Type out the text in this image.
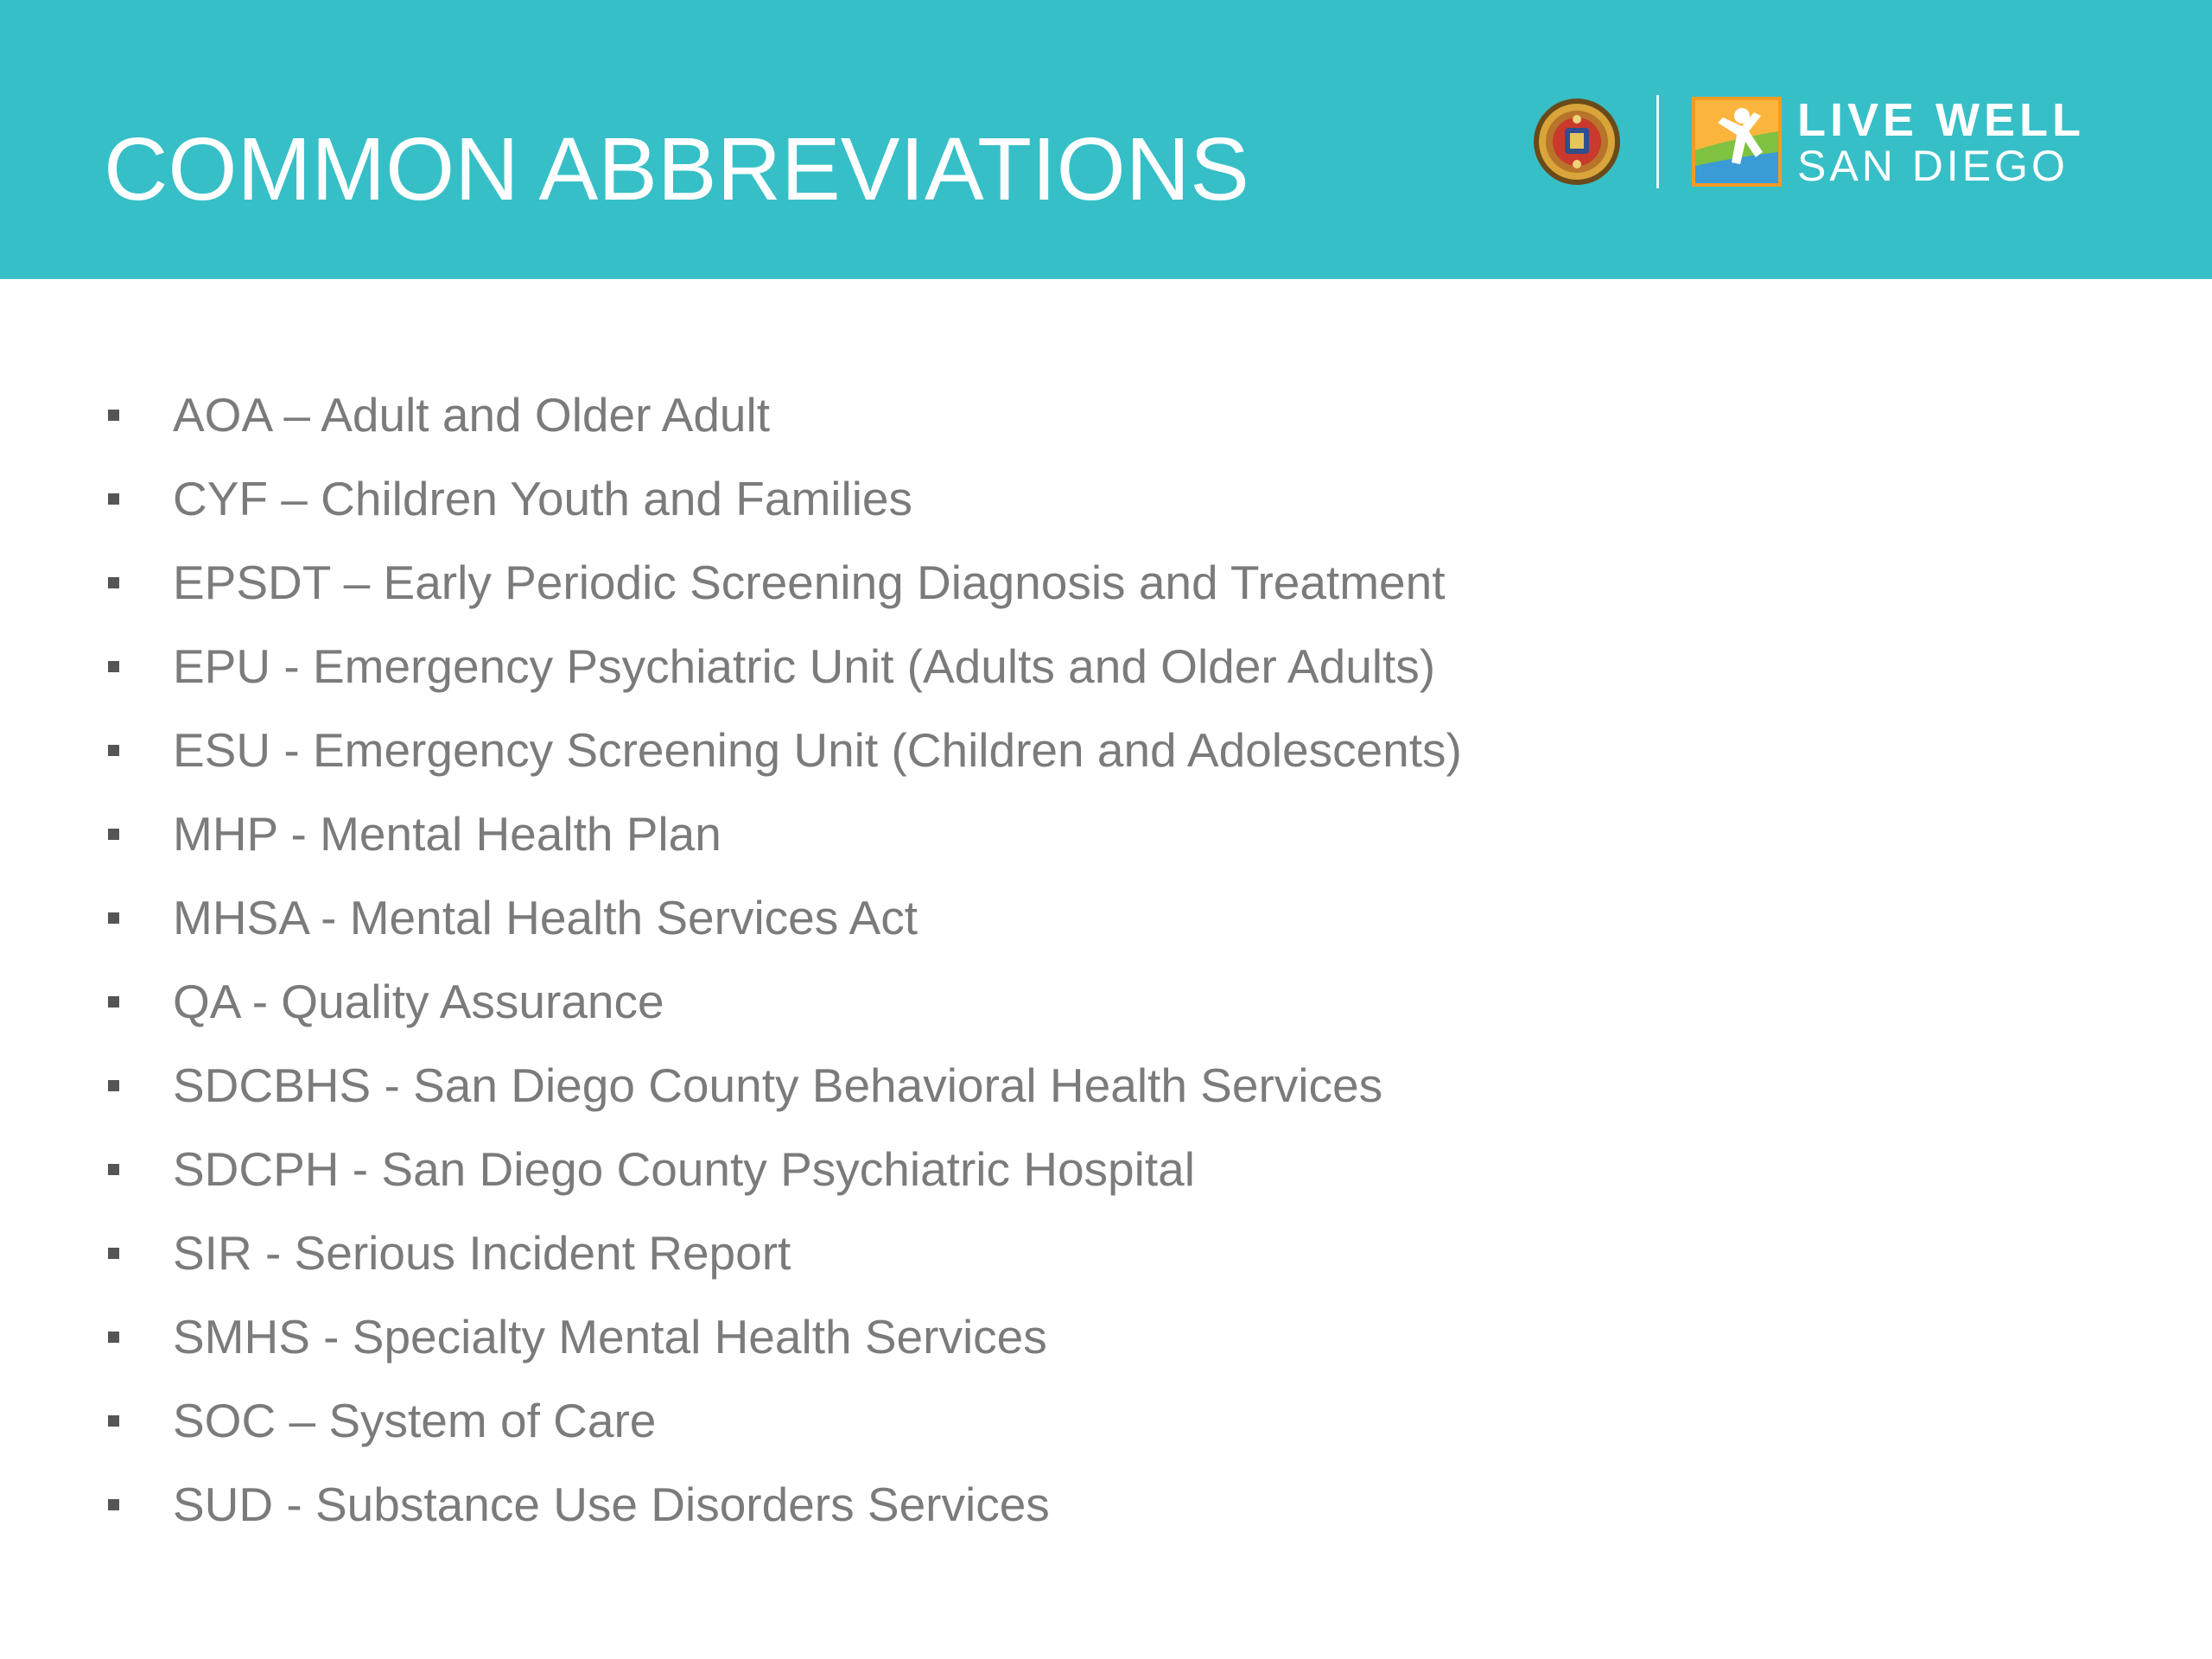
COMMON ABBREVIATIONS	LIVE WELL
SAN DIEGO
AOA – Adult and Older Adult
CYF – Children Youth and Families
EPSDT – Early Periodic Screening Diagnosis and Treatment
EPU - Emergency Psychiatric Unit (Adults and Older Adults)
ESU - Emergency Screening Unit (Children and Adolescents)
MHP - Mental Health Plan
MHSA - Mental Health Services Act
QA - Quality Assurance
SDCBHS - San Diego County Behavioral Health Services
SDCPH - San Diego County Psychiatric Hospital
SIR - Serious Incident Report
SMHS - Specialty Mental Health Services
SOC – System of Care
SUD - Substance Use Disorders Services
